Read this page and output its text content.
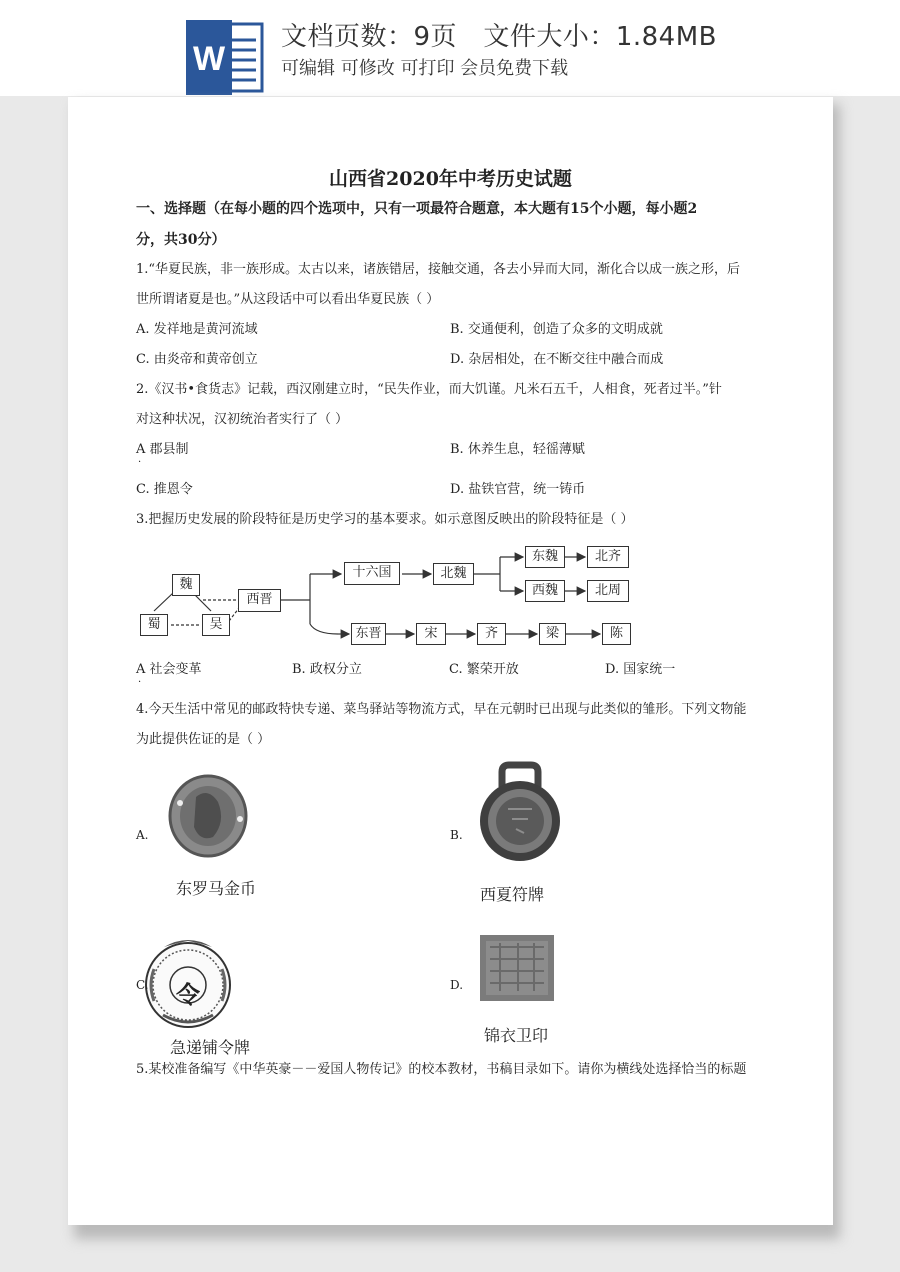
W
文档页数：9页   文件大小：1.84MB
可编辑 可修改 可打印 会员免费下载
山西省2020年中考历史试题
一、选择题（在每小题的四个选项中，只有一项最符合题意，本大题有15个小题，每小题2
分，共30分）
1.“华夏民族，非一族形成。太古以来，诸族错居，接触交通，各去小异而大同，渐化合以成一族之形，后
世所谓诸夏是也。”从这段话中可以看出华夏民族（ ）
A. 发祥地是黄河流域	B. 交通便利，创造了众多的文明成就
C. 由炎帝和黄帝创立	D. 杂居相处，在不断交往中融合而成
2.《汉书•食货志》记载，西汉刚建立时，“民失作业，而大饥谨。凡米石五千，人相食，死者过半。”针
对这种状况，汉初统治者实行了（ ）
A 郡县制
·
B. 休养生息，轻徭薄赋
C. 推恩令	D. 盐铁官营，统一铸币
3.把握历史发展的阶段特征是历史学习的基本要求。如示意图反映出的阶段特征是（ ）
魏
蜀	吴
西晋
十六国	北魏
东魏
西魏
北齐
北周
东晋	宋	齐	梁	陈
A 社会变革
·
B. 政权分立	C. 繁荣开放	D. 国家统一
4.今天生活中常见的邮政特快专递、菜鸟驿站等物流方式，早在元朝时已出现与此类似的雏形。下列文物能
为此提供佐证的是（ ）
令
A.
东罗马金币
B.
西夏符牌
C.
急递铺令牌
D.
锦衣卫印
5.某校准备编写《中华英豪－－爱国人物传记》的校本教材，书稿目录如下。请你为横线处选择恰当的标题
